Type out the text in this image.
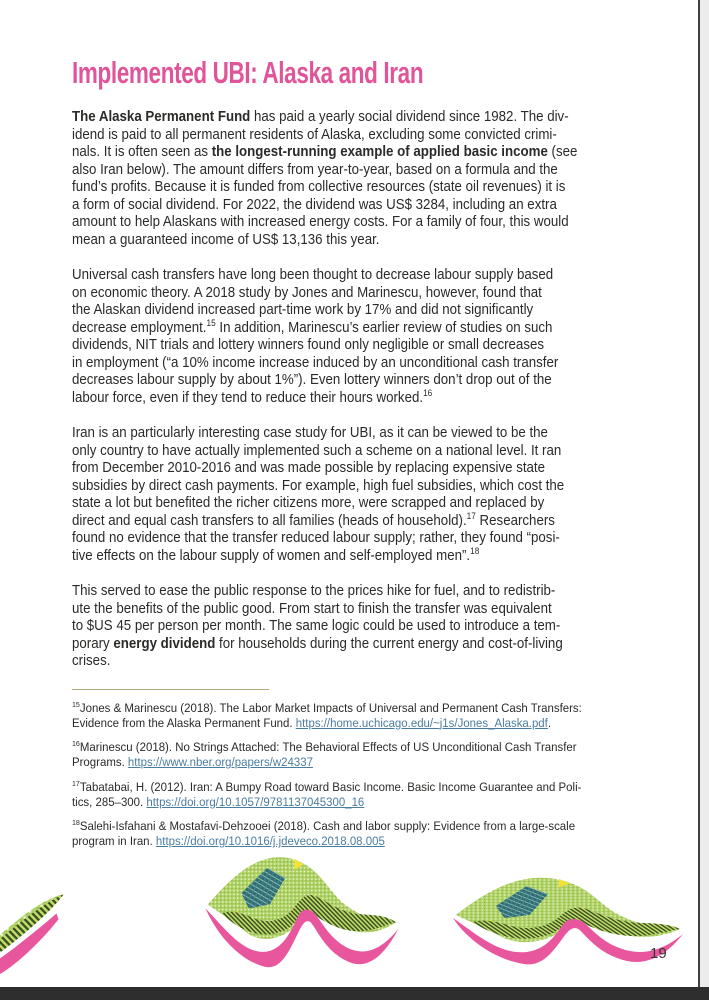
Implemented UBI: Alaska and Iran
The Alaska Permanent Fund has paid a yearly social dividend since 1982. The div-
idend is paid to all permanent residents of Alaska, excluding some convicted crimi-
nals. It is often seen as the longest-running example of applied basic income (see
also Iran below). The amount differs from year-to-year, based on a formula and the
fund’s profits. Because it is funded from collective resources (state oil revenues) it is
a form of social dividend. For 2022, the dividend was US$ 3284, including an extra
amount to help Alaskans with increased energy costs. For a family of four, this would
mean a guaranteed income of US$ 13,136 this year.
Universal cash transfers have long been thought to decrease labour supply based
on economic theory. A 2018 study by Jones and Marinescu, however, found that
the Alaskan dividend increased part-time work by 17% and did not significantly
decrease employment.$^{15}$ In addition, Marinescu’s earlier review of studies on such
dividends, NIT trials and lottery winners found only negligible or small decreases
in employment (“a 10% income increase induced by an unconditional cash transfer
decreases labour supply by about 1%”). Even lottery winners don’t drop out of the
labour force, even if they tend to reduce their hours worked.$^{16}$
Iran is an particularly interesting case study for UBI, as it can be viewed to be the
only country to have actually implemented such a scheme on a national level. It ran
from December 2010-2016 and was made possible by replacing expensive state
subsidies by direct cash payments. For example, high fuel subsidies, which cost the
state a lot but benefited the richer citizens more, were scrapped and replaced by
direct and equal cash transfers to all families (heads of household).$^{17}$ Researchers
found no evidence that the transfer reduced labour supply; rather, they found “posi-
tive effects on the labour supply of women and self-employed men”.$^{18}$
This served to ease the public response to the prices hike for fuel, and to redistrib-
ute the benefits of the public good. From start to finish the transfer was equivalent
to $US 45 per person per month. The same logic could be used to introduce a tem-
porary energy dividend for households during the current energy and cost-of-living
crises.
$^{15}$Jones & Marinescu (2018). The Labor Market Impacts of Universal and Permanent Cash Transfers:
Evidence from the Alaska Permanent Fund. https://home.uchicago.edu/~j1s/Jones_Alaska.pdf.
$^{16}$Marinescu (2018). No Strings Attached: The Behavioral Effects of US Unconditional Cash Transfer
Programs. https://www.nber.org/papers/w24337
$^{17}$Tabatabai, H. (2012). Iran: A Bumpy Road toward Basic Income. Basic Income Guarantee and Poli-
tics, 285–300. https://doi.org/10.1057/9781137045300_16
$^{18}$Salehi-Isfahani & Mostafavi-Dehzooei (2018). Cash and labor supply: Evidence from a large-scale
program in Iran. https://doi.org/10.1016/j.jdeveco.2018.08.005
19
